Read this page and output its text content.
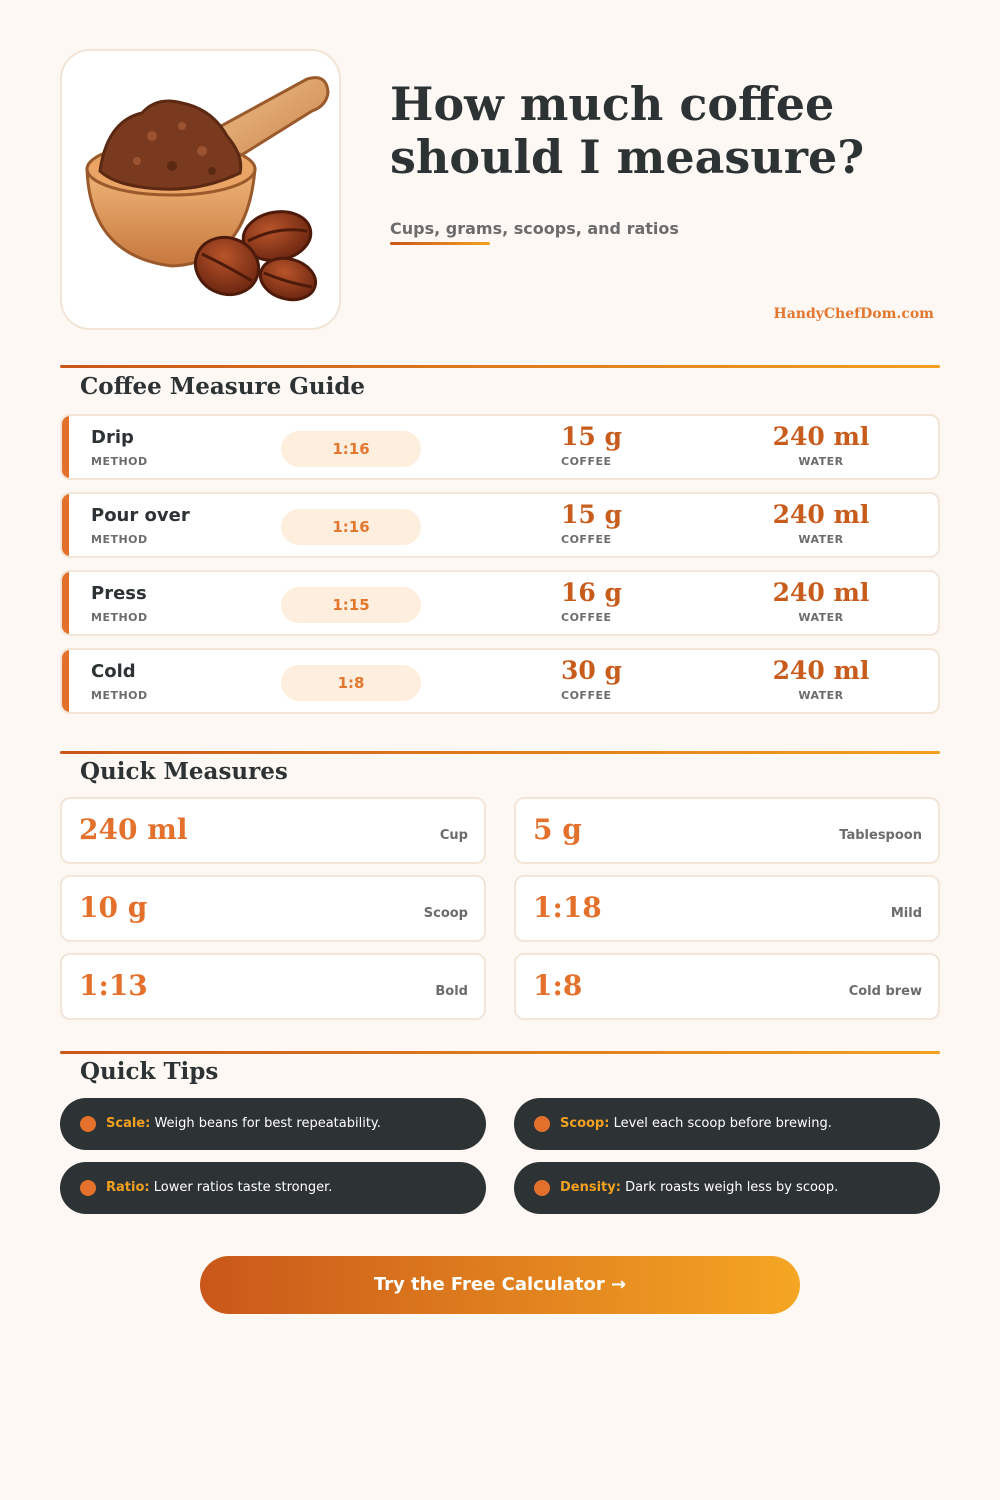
How much coffee
should I measure?
Cups, grams, scoops, and ratios
HandyChefDom.com
Coffee Measure Guide
Drip
METHOD
1:16	15 g
COFFEE
240 ml
WATER
Pour over
METHOD
1:16	15 g
COFFEE
240 ml
WATER
Press
METHOD
1:15	16 g
COFFEE
240 ml
WATER
Cold
METHOD
1:8	30 g
COFFEE
240 ml
WATER
Quick Measures
240 ml	Cup 5 g	Tablespoon
10 g	Scoop 1:18	Mild
1:13	Bold 1:8	Cold brew
Quick Tips
Scale: Weigh beans for best repeatability.	Scoop: Level each scoop before brewing.
Ratio: Lower ratios taste stronger.	Density: Dark roasts weigh less by scoop.
Try the Free Calculator →
